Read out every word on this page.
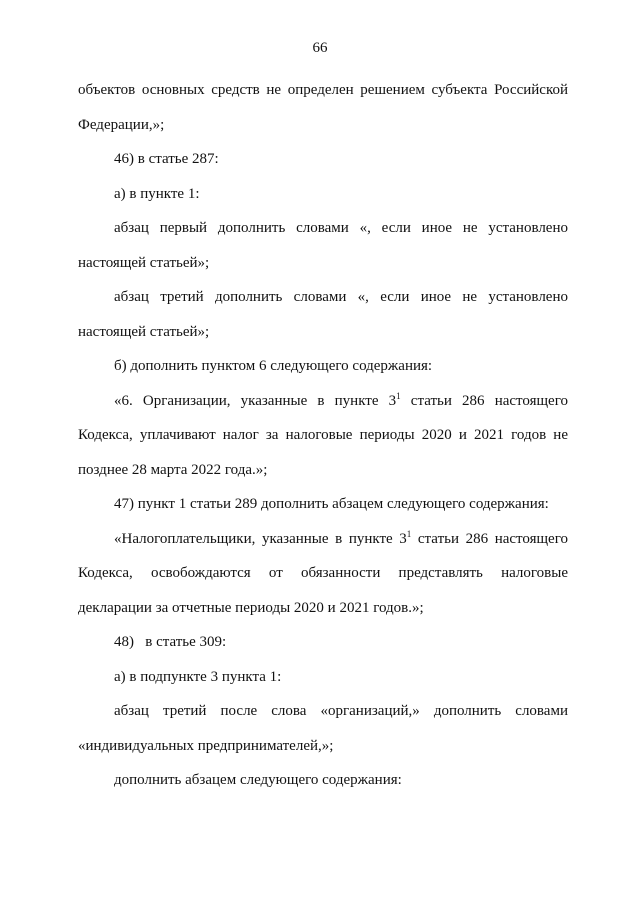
66

объектов основных средств не определен решением субъекта Российской Федерации,»;

46) в статье 287:

а) в пункте 1:

абзац первый дополнить словами «, если иное не установлено настоящей статьей»;

абзац третий дополнить словами «, если иное не установлено настоящей статьей»;

б) дополнить пунктом 6 следующего содержания:

«6. Организации, указанные в пункте $3^1$ статьи 286 настоящего Кодекса, уплачивают налог за налоговые периоды 2020 и 2021 годов не позднее 28 марта 2022 года.»;

47) пункт 1 статьи 289 дополнить абзацем следующего содержания:

«Налогоплательщики, указанные в пункте $3^1$ статьи 286 настоящего Кодекса, освобождаются от обязанности представлять налоговые декларации за отчетные периоды 2020 и 2021 годов.»;

48)   в статье 309:

а) в подпункте 3 пункта 1:

абзац третий после слова «организаций,» дополнить словами «индивидуальных предпринимателей,»;

дополнить абзацем следующего содержания:
